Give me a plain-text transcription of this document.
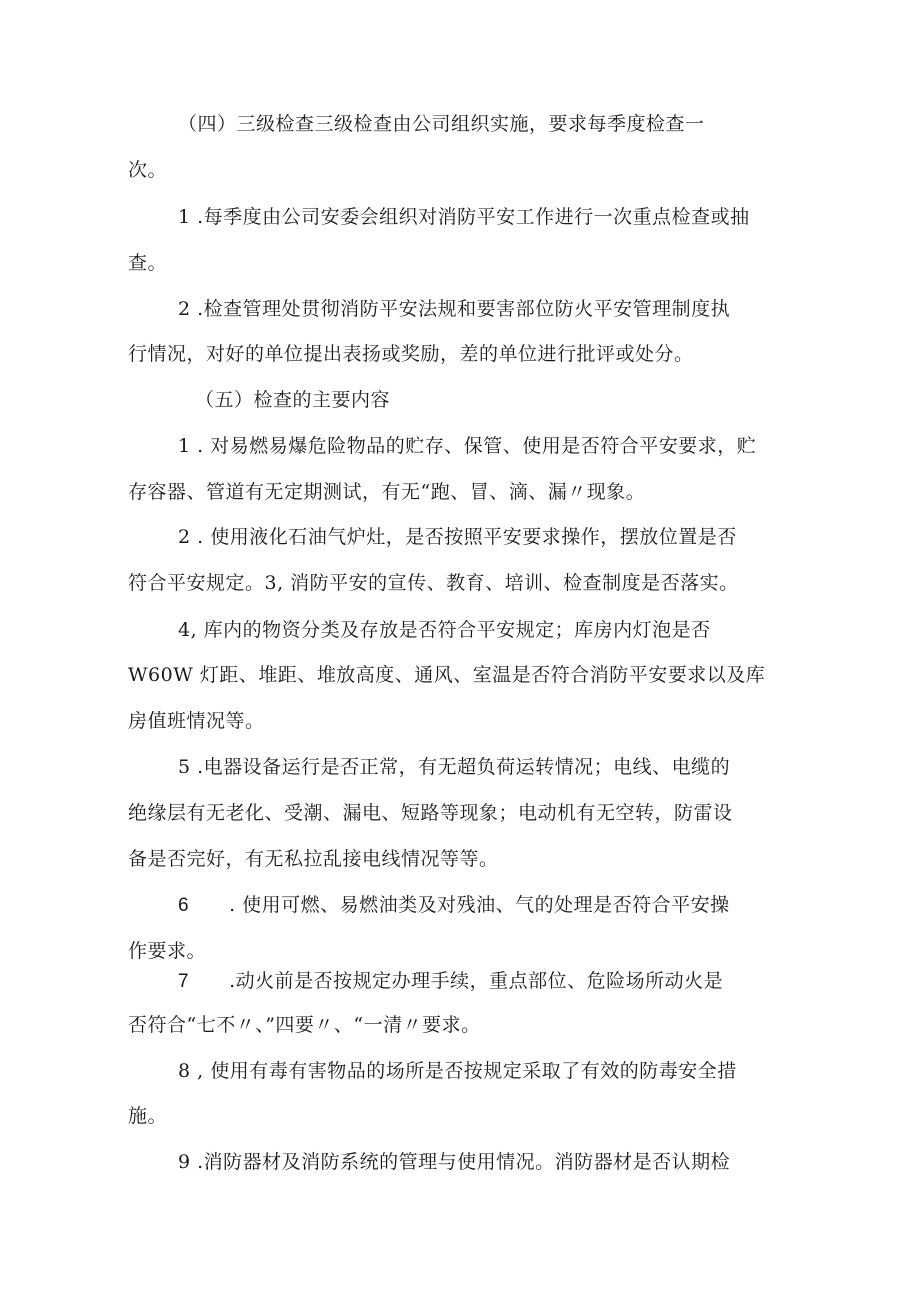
（四）三级检查三级检查由公司组织实施，要求每季度检查一
次。
1 .每季度由公司安委会组织对消防平安工作进行一次重点检查或抽
查。
2 .检查管理处贯彻消防平安法规和要害部位防火平安管理制度执
行情况，对好的单位提出表扬或奖励，差的单位进行批评或处分。
（五）检查的主要内容
1 . 对易燃易爆危险物品的贮存、保管、使用是否符合平安要求，贮
存容器、管道有无定期测试，有无“跑、冒、滴、漏〃现象。
2 . 使用液化石油气炉灶，是否按照平安要求操作，摆放位置是否
符合平安规定。3, 消防平安的宣传、教育、培训、检查制度是否落实。
4, 库内的物资分类及存放是否符合平安规定；库房内灯泡是否
W60W 灯距、堆距、堆放高度、通风、室温是否符合消防平安要求以及库
房值班情况等。
5 .电器设备运行是否正常，有无超负荷运转情况；电线、电缆的
绝缘层有无老化、受潮、漏电、短路等现象；电动机有无空转，防雷设
备是否完好，有无私拉乱接电线情况等等。
6 . 使用可燃、易燃油类及对残油、气的处理是否符合平安操
作要求。
7 .动火前是否按规定办理手续，重点部位、危险场所动火是
否符合“七不〃、”四要〃、“一清〃要求。
8 , 使用有毒有害物品的场所是否按规定采取了有效的防毒安全措
施。
9 .消防器材及消防系统的管理与使用情况。消防器材是否认期检
